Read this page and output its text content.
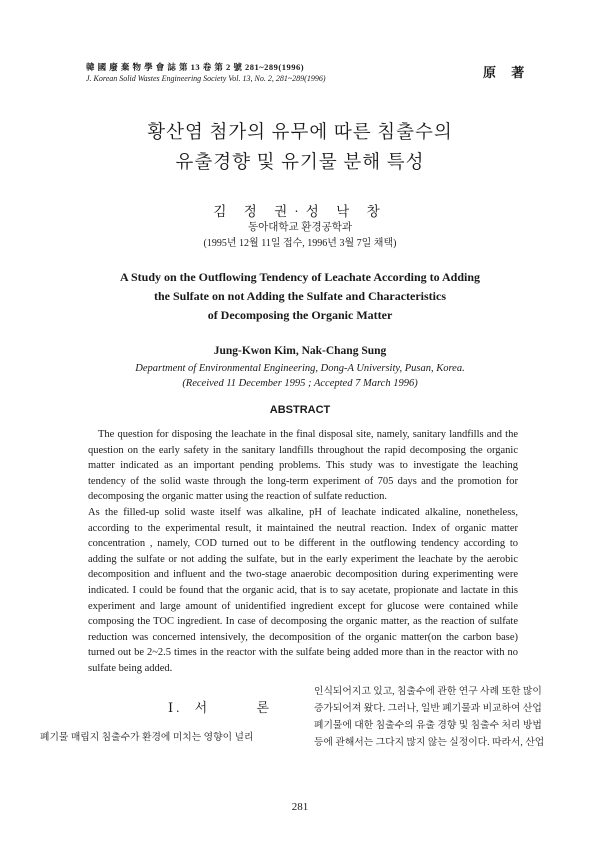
韓 國 廢 棄 物 學 會 誌 第 13 卷 第 2 號 281~289(1996)
J. Korean Solid Wastes Engineering Society Vol. 13, No. 2, 281~289(1996)	原 著
황산염 첨가의 유무에 따른 침출수의
유출경향 및 유기물 분해 특성
김 정 권·성 낙 창
동아대학교 환경공학과
(1995년 12월 11일 접수, 1996년 3월 7일 채택)
A Study on the Outflowing Tendency of Leachate According to Adding
the Sulfate on not Adding the Sulfate and Characteristics
of Decomposing the Organic Matter
Jung-Kwon Kim, Nak-Chang Sung
Department of Environmental Engineering, Dong-A University, Pusan, Korea.
(Received 11 December 1995 ; Accepted 7 March 1996)
ABSTRACT

The question for disposing the leachate in the final disposal site, namely, sanitary landfills and the question on the early safety in the sanitary landfills throughout the rapid decomposing the organic matter indicated as an important pending problems. This study was to investigate the leaching tendency of the solid waste through the long-term experiment of 705 days and the promotion for decomposing the organic matter using the reaction of sulfate reduction.

As the filled-up solid waste itself was alkaline, pH of leachate indicated alkaline, nonetheless, according to the experimental result, it maintained the neutral reaction. Index of organic matter concentration , namely, COD turned out to be different in the outflowing tendency according to adding the sulfate or not adding the sulfate, but in the early experiment the leachate by the aerobic decomposition and influent and the two-stage anaerobic decomposition during experimenting were indicated. I could be found that the organic acid, that is to say acetate, propionate and lactate in this experiment and large amount of unidentified ingredient except for glucose were contained while composing the TOC ingredient. In case of decomposing the organic matter, as the reaction of sulfate reduction was concerned intensively, the decomposition of the organic matter(on the carbon base) turned out be 2~2.5 times in the reactor with the sulfate being added more than in the reactor with no sulfate being added.

Ⅰ. 서	론

폐기물 매립지 침출수가 환경에 미치는 영향이 널리

인식되어지고 있고, 침출수에 관한 연구 사례 또한 많이

증가되어져 왔다. 그러나, 일반 폐기물과 비교하여 산업

폐기물에 대한 침출수의 유출 경향 및 침출수 처리 방법

등에 관해서는 그다지 많지 않는 실정이다. 따라서, 산업

281
